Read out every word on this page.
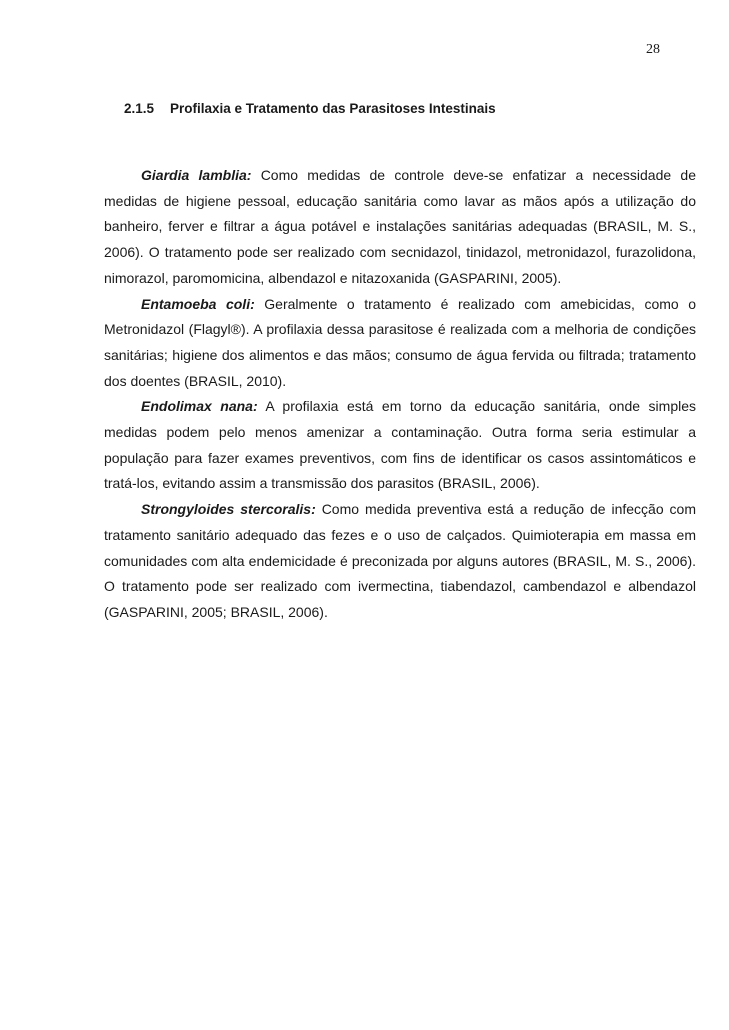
28
2.1.5 Profilaxia e Tratamento das Parasitoses Intestinais

Giardia lamblia: Como medidas de controle deve-se enfatizar a necessidade de medidas de higiene pessoal, educação sanitária como lavar as mãos após a utilização do banheiro, ferver e filtrar a água potável e instalações sanitárias adequadas (BRASIL, M. S., 2006). O tratamento pode ser realizado com secnidazol, tinidazol, metronidazol, furazolidona, nimorazol, paromomicina, albendazol e nitazoxanida (GASPARINI, 2005).

Entamoeba coli: Geralmente o tratamento é realizado com amebicidas, como o Metronidazol (Flagyl®). A profilaxia dessa parasitose é realizada com a melhoria de condições sanitárias; higiene dos alimentos e das mãos; consumo de água fervida ou filtrada; tratamento dos doentes (BRASIL, 2010).

Endolimax nana: A profilaxia está em torno da educação sanitária, onde simples medidas podem pelo menos amenizar a contaminação. Outra forma seria estimular a população para fazer exames preventivos, com fins de identificar os casos assintomáticos e tratá-los, evitando assim a transmissão dos parasitos (BRASIL, 2006).

Strongyloides stercoralis: Como medida preventiva está a redução de infecção com tratamento sanitário adequado das fezes e o uso de calçados. Quimioterapia em massa em comunidades com alta endemicidade é preconizada por alguns autores (BRASIL, M. S., 2006). O tratamento pode ser realizado com ivermectina, tiabendazol, cambendazol e albendazol (GASPARINI, 2005; BRASIL, 2006).
